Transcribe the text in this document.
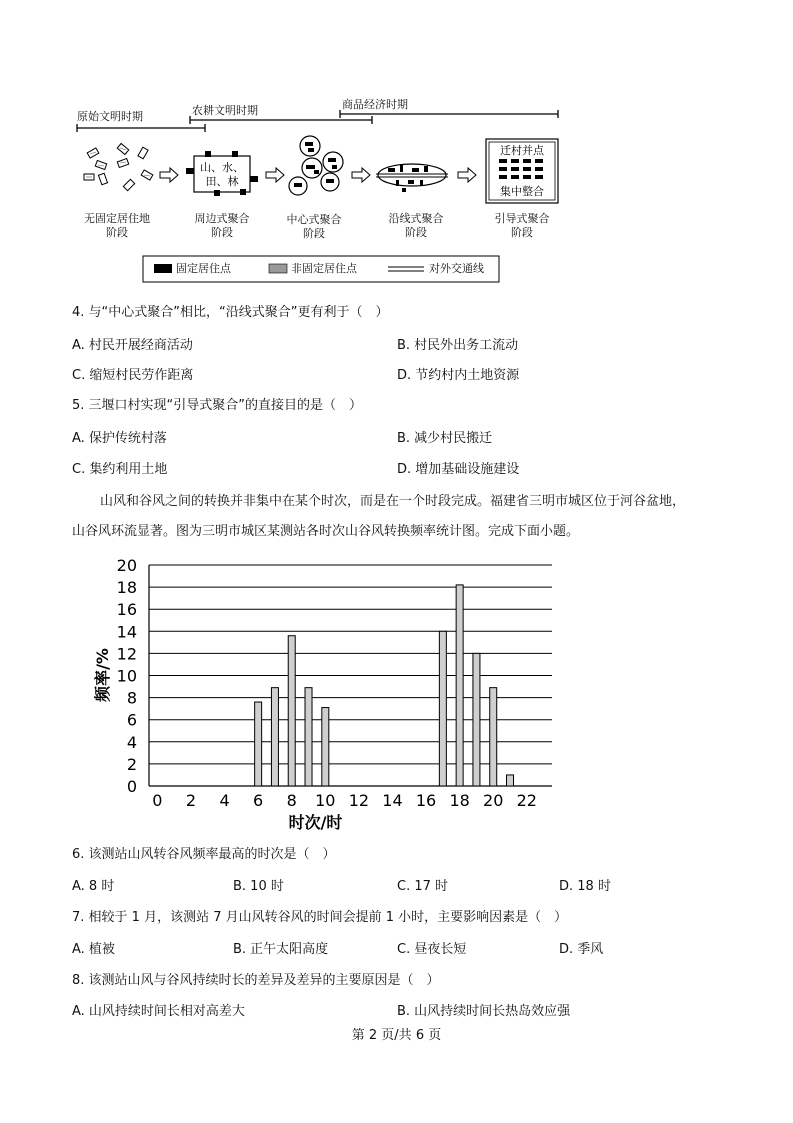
山、水、
田、林
迁村并点
集中整合
原始文明时期	农耕文明时期	商品经济时期
无固定居住地
阶段
周边式聚合
阶段
中心式聚合
阶段
沿线式聚合
阶段
引导式聚合
阶段
固定居住点	非固定居住点	对外交通线
4. 与“中心式聚合”相比，“沿线式聚合”更有利于（　）
A. 村民开展经商活动	B. 村民外出务工流动
C. 缩短村民劳作距离	D. 节约村内土地资源
5. 三堰口村实现“引导式聚合”的直接目的是（　）
A. 保护传统村落	B. 减少村民搬迁
C. 集约利用土地	D. 增加基础设施建设
山风和谷风之间的转换并非集中在某个时次，而是在一个时段完成。福建省三明市城区位于河谷盆地，
山谷风环流显著。图为三明市城区某测站各时次山谷风转换频率统计图。完成下面小题。
0
2
4
6
8
10
12
14
16
18
20
0 2 4 6 8 10 12 14 16 18 20 22
频率/%
时次/时
6. 该测站山风转谷风频率最高的时次是（　）
A. 8 时	B. 10 时	C. 17 时	D. 18 时
7. 相较于 1 月，该测站 7 月山风转谷风的时间会提前 1 小时，主要影响因素是（　）
A. 植被	B. 正午太阳高度	C. 昼夜长短	D. 季风
8. 该测站山风与谷风持续时长的差异及差异的主要原因是（　）
A. 山风持续时间长相对高差大	B. 山风持续时间长热岛效应强
第 2 页/共 6 页
